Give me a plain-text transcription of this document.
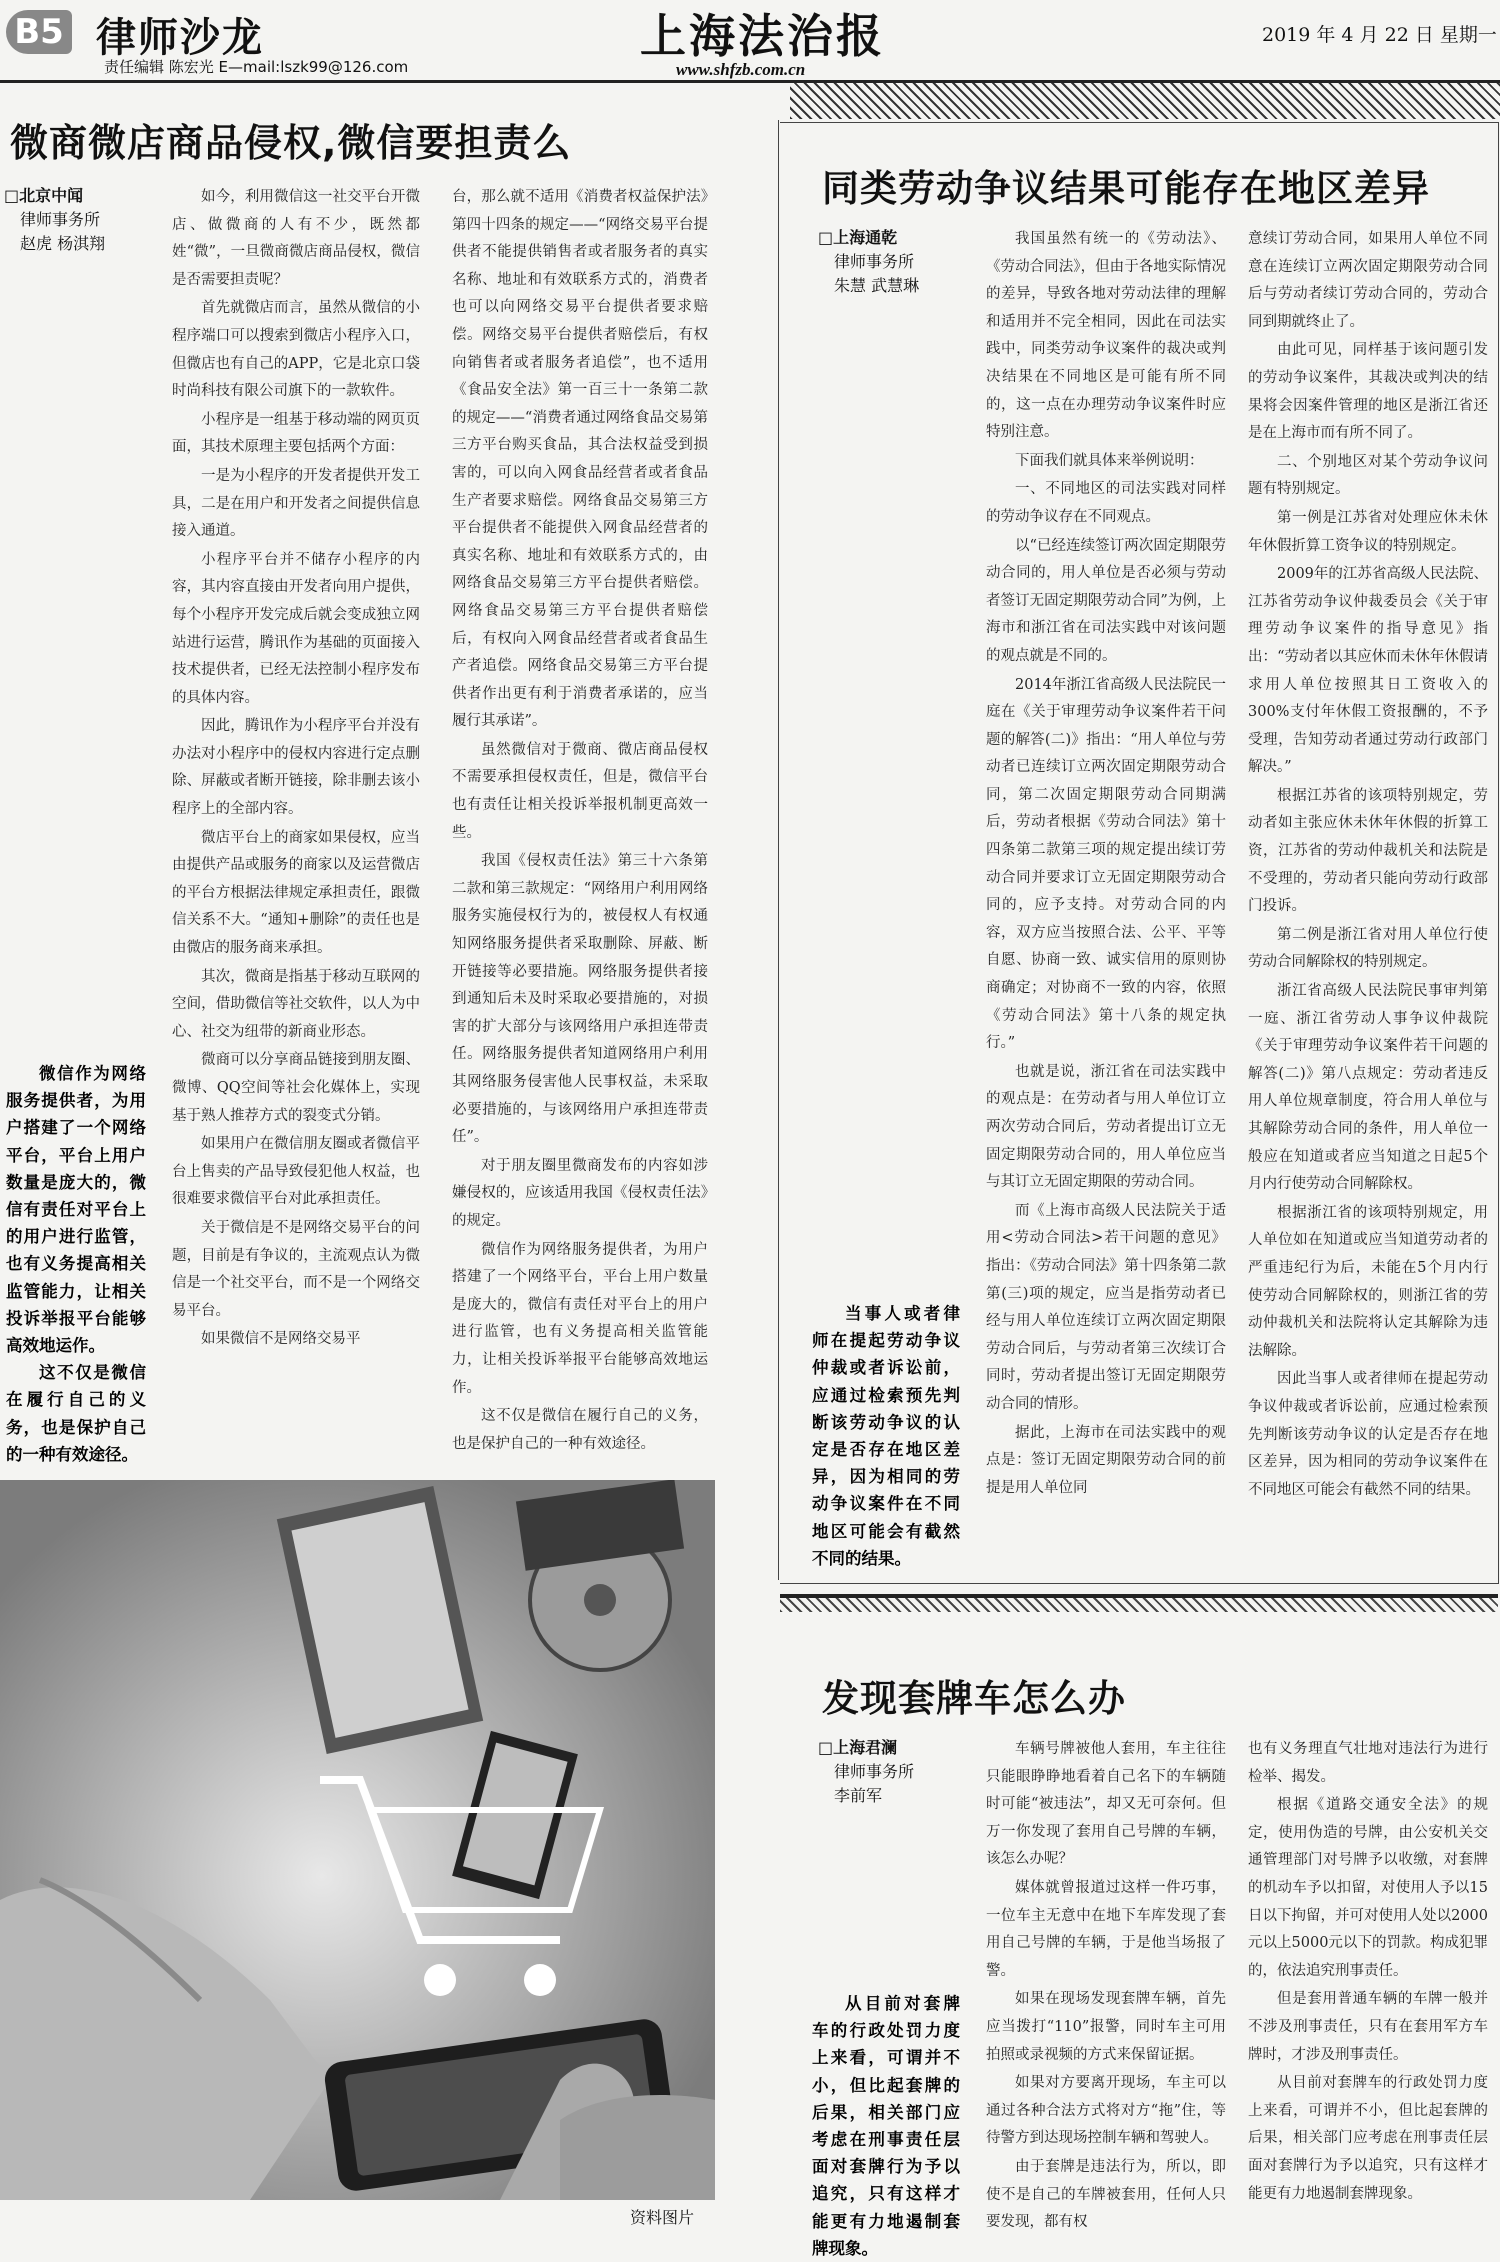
B5 律师沙龙
责任编辑 陈宏光 E—mail:lszk99@126.com
上海法治报
www.shfzb.com.cn
2019 年 4 月 22 日 星期一
微商微店商品侵权,微信要担责么
□北京中闻
律师事务所
赵虎 杨淇翔

微信作为网络服务提供者，为用户搭建了一个网络平台，平台上用户数量是庞大的，微信有责任对平台上的用户进行监管，也有义务提高相关监管能力，让相关投诉举报平台能够高效地运作。

这不仅是微信在履行自己的义务，也是保护自己的一种有效途径。

如今，利用微信这一社交平台开微店、做微商的人有不少，既然都姓“微”，一旦微商微店商品侵权，微信是否需要担责呢？

首先就微店而言，虽然从微信的小程序端口可以搜索到微店小程序入口，但微店也有自己的APP，它是北京口袋时尚科技有限公司旗下的一款软件。

小程序是一组基于移动端的网页页面，其技术原理主要包括两个方面：

一是为小程序的开发者提供开发工具，二是在用户和开发者之间提供信息接入通道。

小程序平台并不储存小程序的内容，其内容直接由开发者向用户提供，每个小程序开发完成后就会变成独立网站进行运营，腾讯作为基础的页面接入技术提供者，已经无法控制小程序发布的具体内容。

因此，腾讯作为小程序平台并没有办法对小程序中的侵权内容进行定点删除、屏蔽或者断开链接，除非删去该小程序上的全部内容。

微店平台上的商家如果侵权，应当由提供产品或服务的商家以及运营微店的平台方根据法律规定承担责任，跟微信关系不大。“通知+删除”的责任也是由微店的服务商来承担。

其次，微商是指基于移动互联网的空间，借助微信等社交软件，以人为中心、社交为纽带的新商业形态。

微商可以分享商品链接到朋友圈、微博、QQ空间等社会化媒体上，实现基于熟人推荐方式的裂变式分销。

如果用户在微信朋友圈或者微信平台上售卖的产品导致侵犯他人权益，也很难要求微信平台对此承担责任。

关于微信是不是网络交易平台的问题，目前是有争议的，主流观点认为微信是一个社交平台，而不是一个网络交易平台。

如果微信不是网络交易平

台，那么就不适用《消费者权益保护法》第四十四条的规定——“网络交易平台提供者不能提供销售者或者服务者的真实名称、地址和有效联系方式的，消费者也可以向网络交易平台提供者要求赔偿。网络交易平台提供者赔偿后，有权向销售者或者服务者追偿”，也不适用《食品安全法》第一百三十一条第二款的规定——“消费者通过网络食品交易第三方平台购买食品，其合法权益受到损害的，可以向入网食品经营者或者食品生产者要求赔偿。网络食品交易第三方平台提供者不能提供入网食品经营者的真实名称、地址和有效联系方式的，由网络食品交易第三方平台提供者赔偿。网络食品交易第三方平台提供者赔偿后，有权向入网食品经营者或者食品生产者追偿。网络食品交易第三方平台提供者作出更有利于消费者承诺的，应当履行其承诺”。

虽然微信对于微商、微店商品侵权不需要承担侵权责任，但是，微信平台也有责任让相关投诉举报机制更高效一些。

我国《侵权责任法》第三十六条第二款和第三款规定：“网络用户利用网络服务实施侵权行为的，被侵权人有权通知网络服务提供者采取删除、屏蔽、断开链接等必要措施。网络服务提供者接到通知后未及时采取必要措施的，对损害的扩大部分与该网络用户承担连带责任。网络服务提供者知道网络用户利用其网络服务侵害他人民事权益，未采取必要措施的，与该网络用户承担连带责任”。

对于朋友圈里微商发布的内容如涉嫌侵权的，应该适用我国《侵权责任法》的规定。

微信作为网络服务提供者，为用户搭建了一个网络平台，平台上用户数量是庞大的，微信有责任对平台上的用户进行监管，也有义务提高相关监管能力，让相关投诉举报平台能够高效地运作。

这不仅是微信在履行自己的义务，也是保护自己的一种有效途径。

资料图片
同类劳动争议结果可能存在地区差异
□上海通乾
律师事务所
朱慧 武慧琳

当事人或者律师在提起劳动争议仲裁或者诉讼前，应通过检索预先判断该劳动争议的认定是否存在地区差异，因为相同的劳动争议案件在不同地区可能会有截然不同的结果。

我国虽然有统一的《劳动法》、《劳动合同法》，但由于各地实际情况的差异，导致各地对劳动法律的理解和适用并不完全相同，因此在司法实践中，同类劳动争议案件的裁决或判决结果在不同地区是可能有所不同的，这一点在办理劳动争议案件时应特别注意。

下面我们就具体来举例说明：

一、不同地区的司法实践对同样的劳动争议存在不同观点。

以“已经连续签订两次固定期限劳动合同的，用人单位是否必须与劳动者签订无固定期限劳动合同”为例，上海市和浙江省在司法实践中对该问题的观点就是不同的。

2014年浙江省高级人民法院民一庭在《关于审理劳动争议案件若干问题的解答(二)》指出：“用人单位与劳动者已连续订立两次固定期限劳动合同，第二次固定期限劳动合同期满后，劳动者根据《劳动合同法》第十四条第二款第三项的规定提出续订劳动合同并要求订立无固定期限劳动合同的，应予支持。对劳动合同的内容，双方应当按照合法、公平、平等自愿、协商一致、诚实信用的原则协商确定；对协商不一致的内容，依照《劳动合同法》第十八条的规定执行。”

也就是说，浙江省在司法实践中的观点是：在劳动者与用人单位订立两次劳动合同后，劳动者提出订立无固定期限劳动合同的，用人单位应当与其订立无固定期限的劳动合同。

而《上海市高级人民法院关于适用<劳动合同法>若干问题的意见》指出：《劳动合同法》第十四条第二款第(三)项的规定，应当是指劳动者已经与用人单位连续订立两次固定期限劳动合同后，与劳动者第三次续订合同时，劳动者提出签订无固定期限劳动合同的情形。

据此，上海市在司法实践中的观点是：签订无固定期限劳动合同的前提是用人单位同

意续订劳动合同，如果用人单位不同意在连续订立两次固定期限劳动合同后与劳动者续订劳动合同的，劳动合同到期就终止了。

由此可见，同样基于该问题引发的劳动争议案件，其裁决或判决的结果将会因案件管理的地区是浙江省还是在上海市而有所不同了。

二、个别地区对某个劳动争议问题有特别规定。

第一例是江苏省对处理应休未休年休假折算工资争议的特别规定。

2009年的江苏省高级人民法院、江苏省劳动争议仲裁委员会《关于审理劳动争议案件的指导意见》指出：“劳动者以其应休而未休年休假请求用人单位按照其日工资收入的300%支付年休假工资报酬的，不予受理，告知劳动者通过劳动行政部门解决。”

根据江苏省的该项特别规定，劳动者如主张应休未休年休假的折算工资，江苏省的劳动仲裁机关和法院是不受理的，劳动者只能向劳动行政部门投诉。

第二例是浙江省对用人单位行使劳动合同解除权的特别规定。

浙江省高级人民法院民事审判第一庭、浙江省劳动人事争议仲裁院《关于审理劳动争议案件若干问题的解答(二)》第八点规定：劳动者违反用人单位规章制度，符合用人单位与其解除劳动合同的条件，用人单位一般应在知道或者应当知道之日起5个月内行使劳动合同解除权。

根据浙江省的该项特别规定，用人单位如在知道或应当知道劳动者的严重违纪行为后，未能在5个月内行使劳动合同解除权的，则浙江省的劳动仲裁机关和法院将认定其解除为违法解除。

因此当事人或者律师在提起劳动争议仲裁或者诉讼前，应通过检索预先判断该劳动争议的认定是否存在地区差异，因为相同的劳动争议案件在不同地区可能会有截然不同的结果。

发现套牌车怎么办
□上海君澜
律师事务所
李前军

从目前对套牌车的行政处罚力度上来看，可谓并不小，但比起套牌的后果，相关部门应考虑在刑事责任层面对套牌行为予以追究，只有这样才能更有力地遏制套牌现象。

车辆号牌被他人套用，车主往往只能眼睁睁地看着自己名下的车辆随时可能“被违法”，却又无可奈何。但万一你发现了套用自己号牌的车辆，该怎么办呢？

媒体就曾报道过这样一件巧事，一位车主无意中在地下车库发现了套用自己号牌的车辆，于是他当场报了警。

如果在现场发现套牌车辆，首先应当拨打“110”报警，同时车主可用拍照或录视频的方式来保留证据。

如果对方要离开现场，车主可以通过各种合法方式将对方“拖”住，等待警方到达现场控制车辆和驾驶人。

由于套牌是违法行为，所以，即使不是自己的车牌被套用，任何人只要发现，都有权

也有义务理直气壮地对违法行为进行检举、揭发。

根据《道路交通安全法》的规定，使用伪造的号牌，由公安机关交通管理部门对号牌予以收缴，对套牌的机动车予以扣留，对使用人予以15日以下拘留，并可对使用人处以2000元以上5000元以下的罚款。构成犯罪的，依法追究刑事责任。

但是套用普通车辆的车牌一般并不涉及刑事责任，只有在套用军方车牌时，才涉及刑事责任。

从目前对套牌车的行政处罚力度上来看，可谓并不小，但比起套牌的后果，相关部门应考虑在刑事责任层面对套牌行为予以追究，只有这样才能更有力地遏制套牌现象。
